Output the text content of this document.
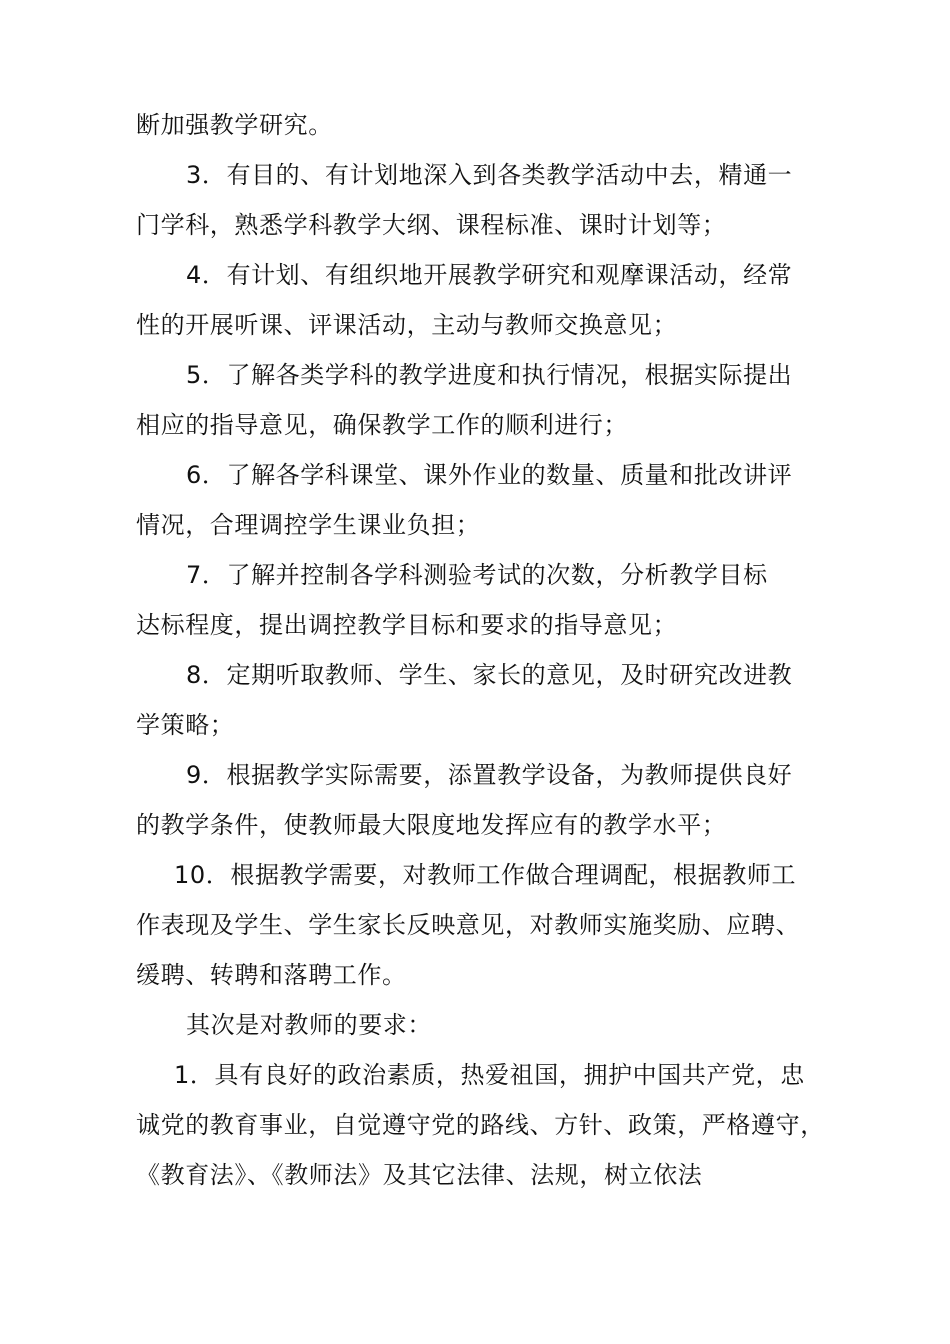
断加强教学研究。
3．有目的、有计划地深入到各类教学活动中去，精通一
门学科，熟悉学科教学大纲、课程标准、课时计划等；
4．有计划、有组织地开展教学研究和观摩课活动，经常
性的开展听课、评课活动，主动与教师交换意见；
5．了解各类学科的教学进度和执行情况，根据实际提出
相应的指导意见，确保教学工作的顺利进行；
6．了解各学科课堂、课外作业的数量、质量和批改讲评
情况，合理调控学生课业负担；
7．了解并控制各学科测验考试的次数，分析教学目标
达标程度，提出调控教学目标和要求的指导意见；
8．定期听取教师、学生、家长的意见，及时研究改进教
学策略；
9．根据教学实际需要，添置教学设备，为教师提供良好
的教学条件，使教师最大限度地发挥应有的教学水平；
10．根据教学需要，对教师工作做合理调配，根据教师工
作表现及学生、学生家长反映意见，对教师实施奖励、应聘、
缓聘、转聘和落聘工作。
其次是对教师的要求：
1．具有良好的政治素质，热爱祖国，拥护中国共产党，忠
诚党的教育事业，自觉遵守党的路线、方针、政策，严格遵守，
《教育法》、《教师法》及其它法律、法规，树立依法
